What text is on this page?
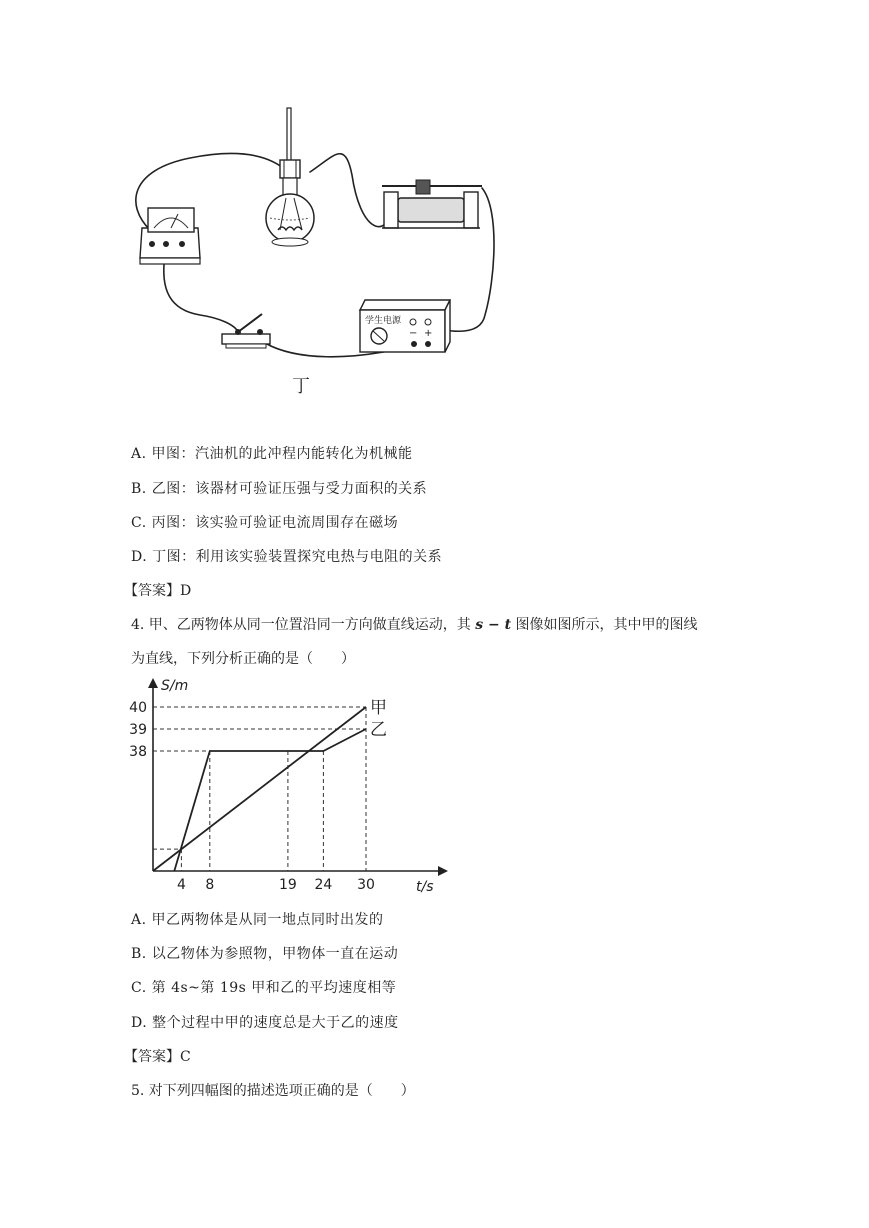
学生电源
− +
丁
A. 甲图：汽油机的此冲程内能转化为机械能
B. 乙图：该器材可验证压强与受力面积的关系
C. 丙图：该实验可验证电流周围存在磁场
D. 丁图：利用该实验装置探究电热与电阻的关系
【答案】D
4. 甲、乙两物体从同一位置沿同一方向做直线运动，其 s − t 图像如图所示，其中甲的图线
为直线，下列分析正确的是（　　）
甲
乙
4 8	19 24 30
38
39
40
S/m
t/s
A. 甲乙两物体是从同一地点同时出发的
B. 以乙物体为参照物，甲物体一直在运动
C. 第 4s~第 19s 甲和乙的平均速度相等
D. 整个过程中甲的速度总是大于乙的速度
【答案】C
5. 对下列四幅图的描述选项正确的是（　　）
